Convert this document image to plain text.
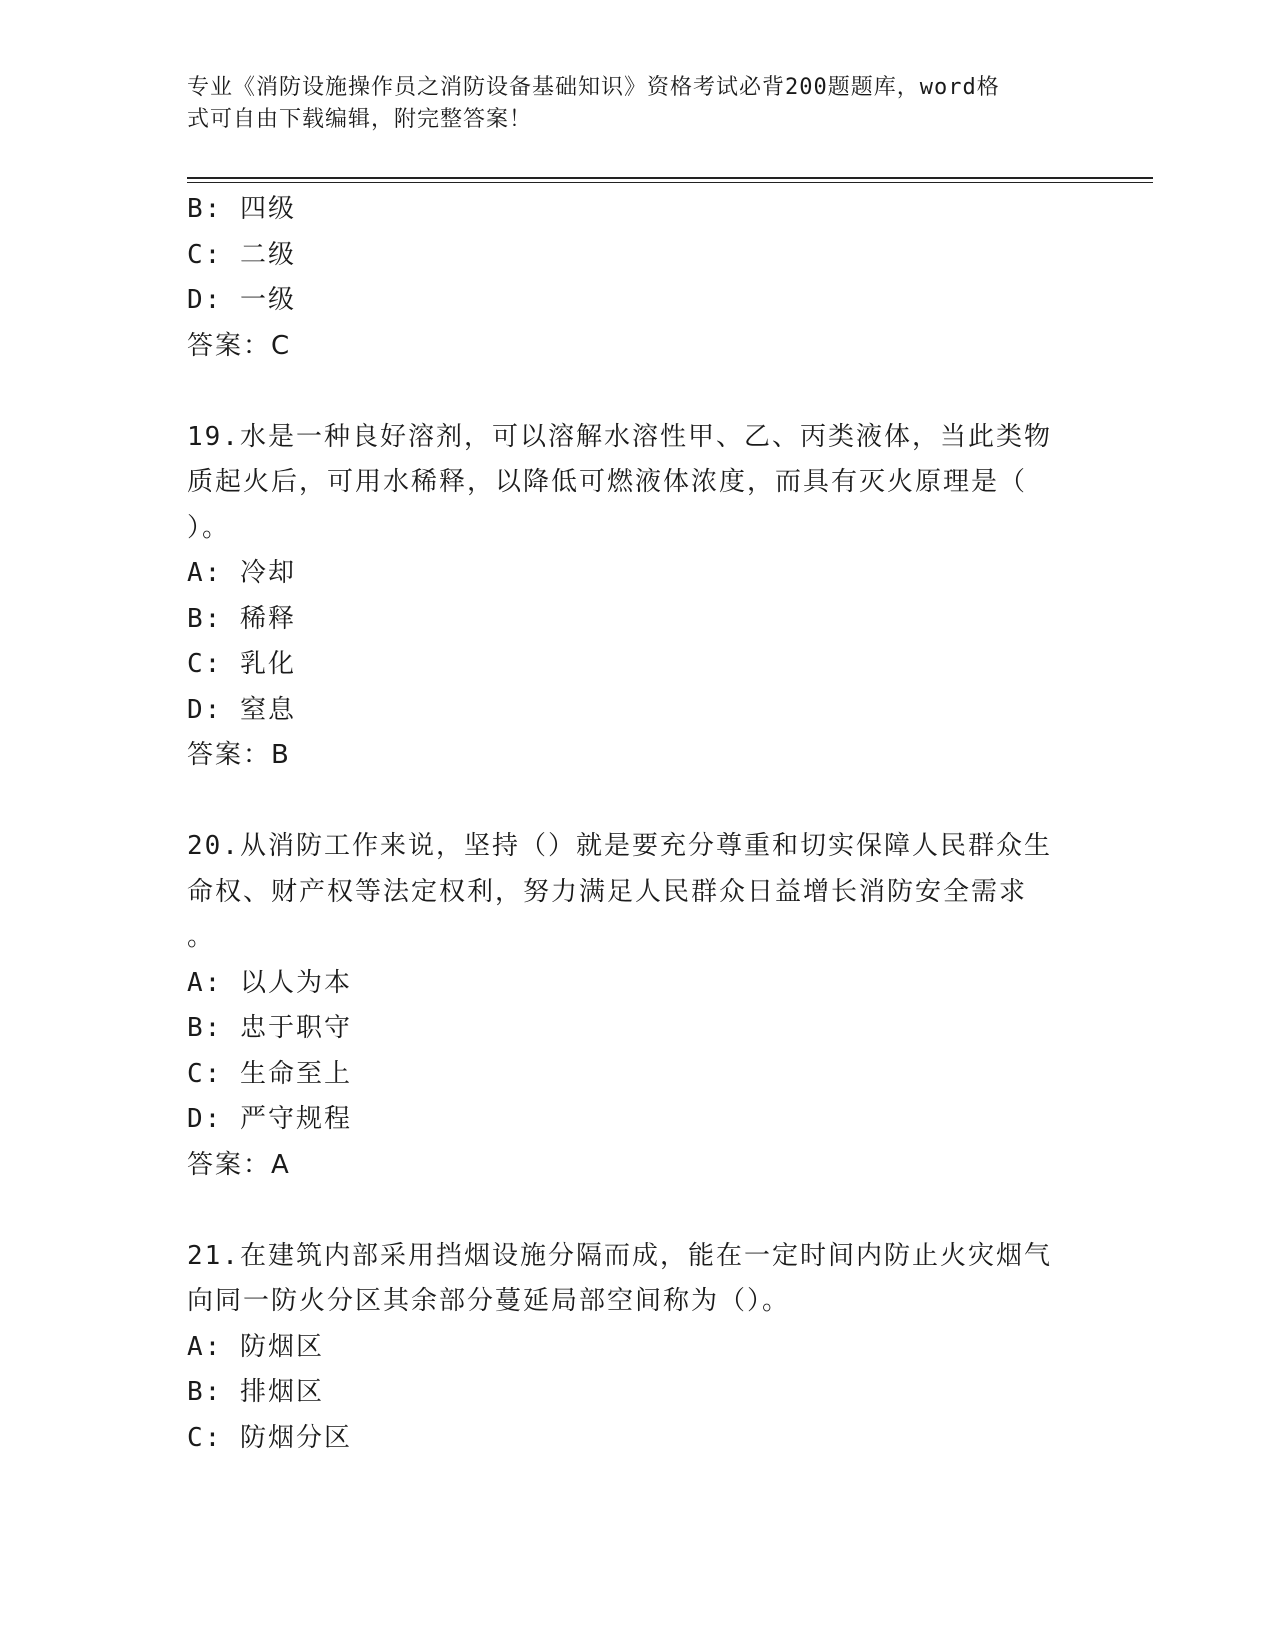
专业《消防设施操作员之消防设备基础知识》资格考试必背200题题库，word格
式可自由下载编辑，附完整答案！
B: 四级
C: 二级
D: 一级
答案：C
19.水是一种良好溶剂，可以溶解水溶性甲、乙、丙类液体，当此类物
质起火后，可用水稀释，以降低可燃液体浓度，而具有灭火原理是（
）。
A: 冷却
B: 稀释
C: 乳化
D: 窒息
答案：B
20.从消防工作来说，坚持（）就是要充分尊重和切实保障人民群众生
命权、财产权等法定权利，努力满足人民群众日益增长消防安全需求
。
A: 以人为本
B: 忠于职守
C: 生命至上
D: 严守规程
答案：A
21.在建筑内部采用挡烟设施分隔而成，能在一定时间内防止火灾烟气
向同一防火分区其余部分蔓延局部空间称为（）。
A: 防烟区
B: 排烟区
C: 防烟分区
